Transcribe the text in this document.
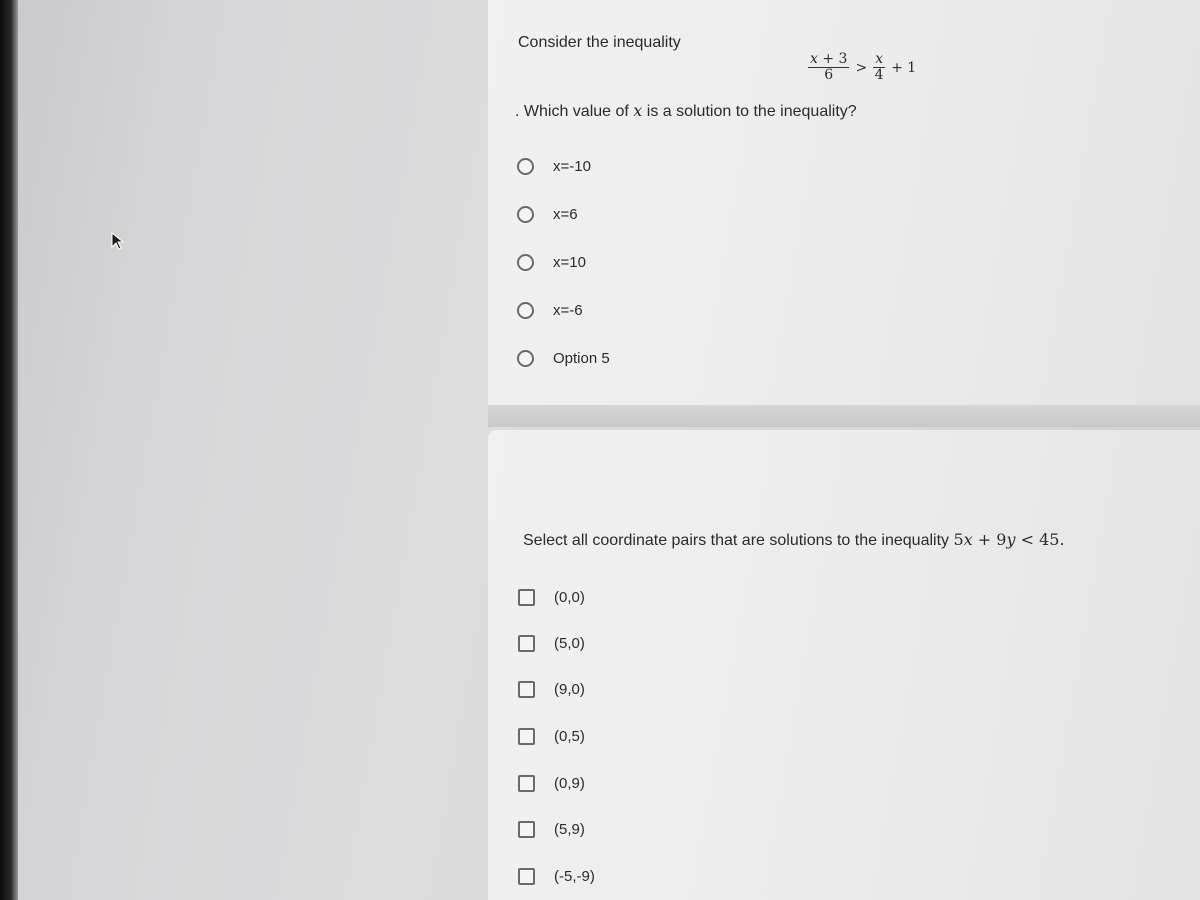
Consider the inequality
$\frac{x + 3}{6} > \frac{x}{4} + 1$
. Which value of x is a solution to the inequality?
x=-10
x=6
x=10
x=-6
Option 5
Select all coordinate pairs that are solutions to the inequality 5x + 9y < 45.
(0,0)
(5,0)
(9,0)
(0,5)
(0,9)
(5,9)
(-5,-9)
